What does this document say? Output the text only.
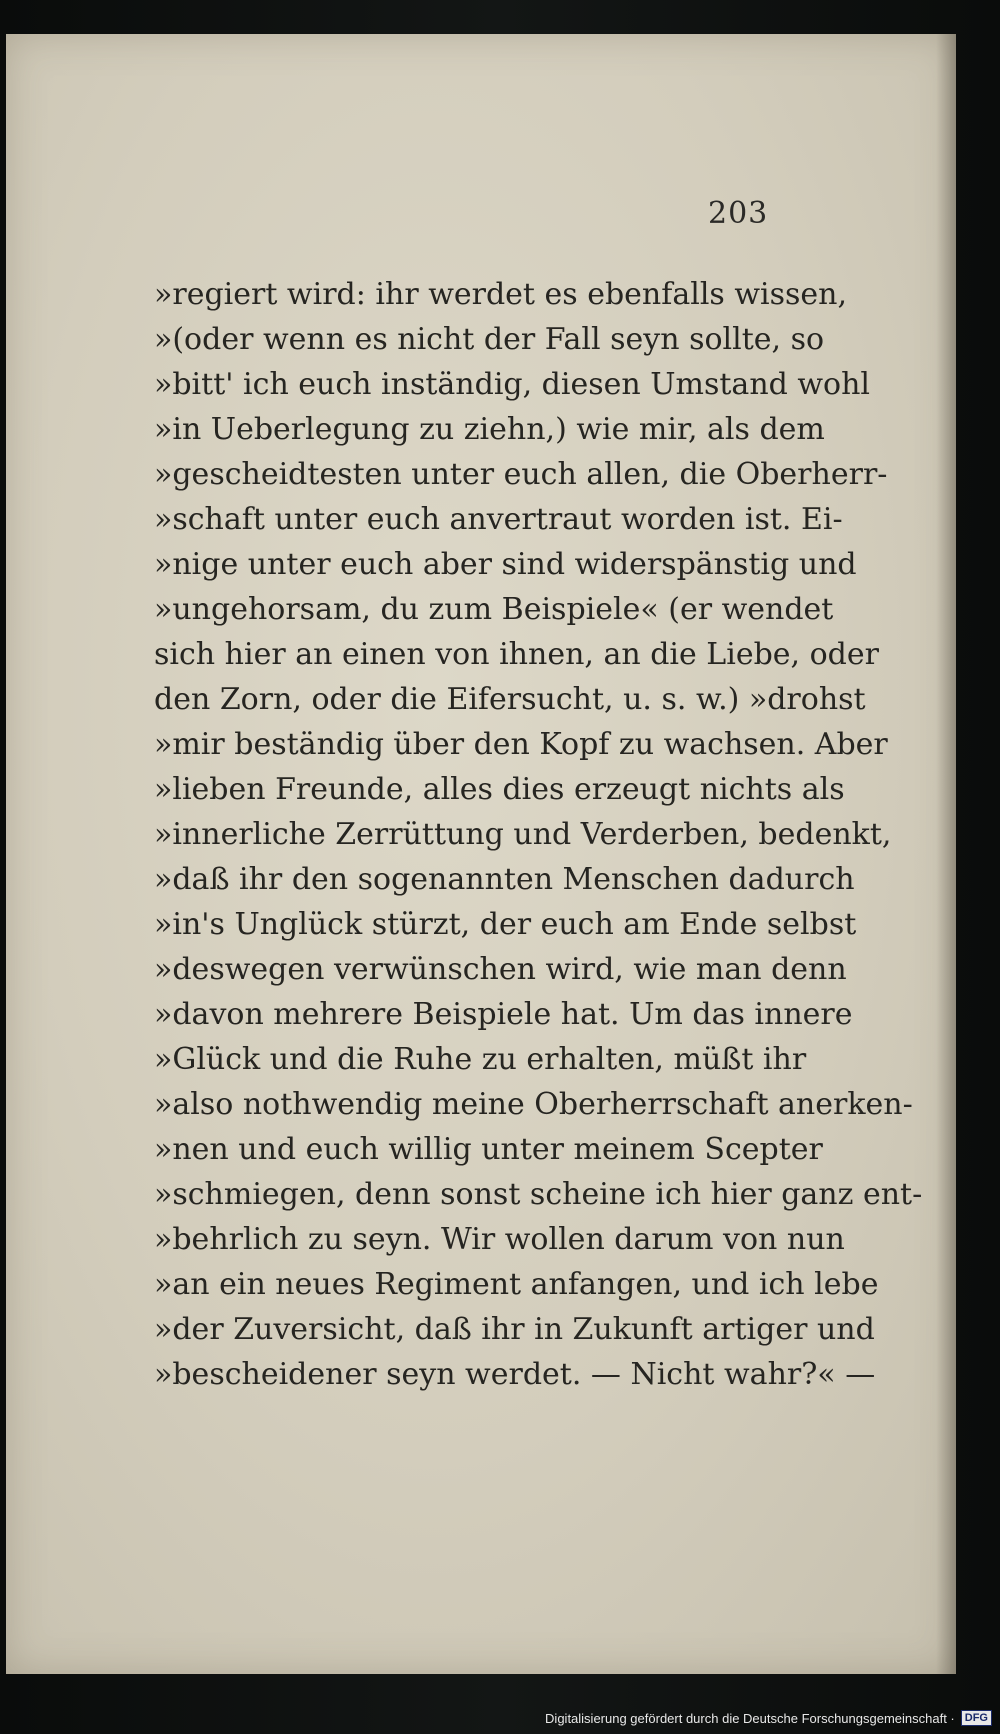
203
»regiert wird: ihr werdet es ebenfalls wissen,
»(oder wenn es nicht der Fall seyn sollte, so
»bitt' ich euch inständig, diesen Umstand wohl
»in Ueberlegung zu ziehn,) wie mir, als dem
»gescheidtesten unter euch allen, die Oberherr-
»schaft unter euch anvertraut worden ist. Ei-
»nige unter euch aber sind widerspänstig und
»ungehorsam, du zum Beispiele« (er wendet
sich hier an einen von ihnen, an die Liebe, oder
den Zorn, oder die Eifersucht, u. s. w.) »drohst
»mir beständig über den Kopf zu wachsen. Aber
»lieben Freunde, alles dies erzeugt nichts als
»innerliche Zerrüttung und Verderben, bedenkt,
»daß ihr den sogenannten Menschen dadurch
»in's Unglück stürzt, der euch am Ende selbst
»deswegen verwünschen wird, wie man denn
»davon mehrere Beispiele hat. Um das innere
»Glück und die Ruhe zu erhalten, müßt ihr
»also nothwendig meine Oberherrschaft anerken-
»nen und euch willig unter meinem Scepter
»schmiegen, denn sonst scheine ich hier ganz ent-
»behrlich zu seyn. Wir wollen darum von nun
»an ein neues Regiment anfangen, und ich lebe
»der Zuversicht, daß ihr in Zukunft artiger und
»bescheidener seyn werdet. — Nicht wahr?« —
Digitalisierung gefördert durch die Deutsche Forschungsgemeinschaft · DFG
